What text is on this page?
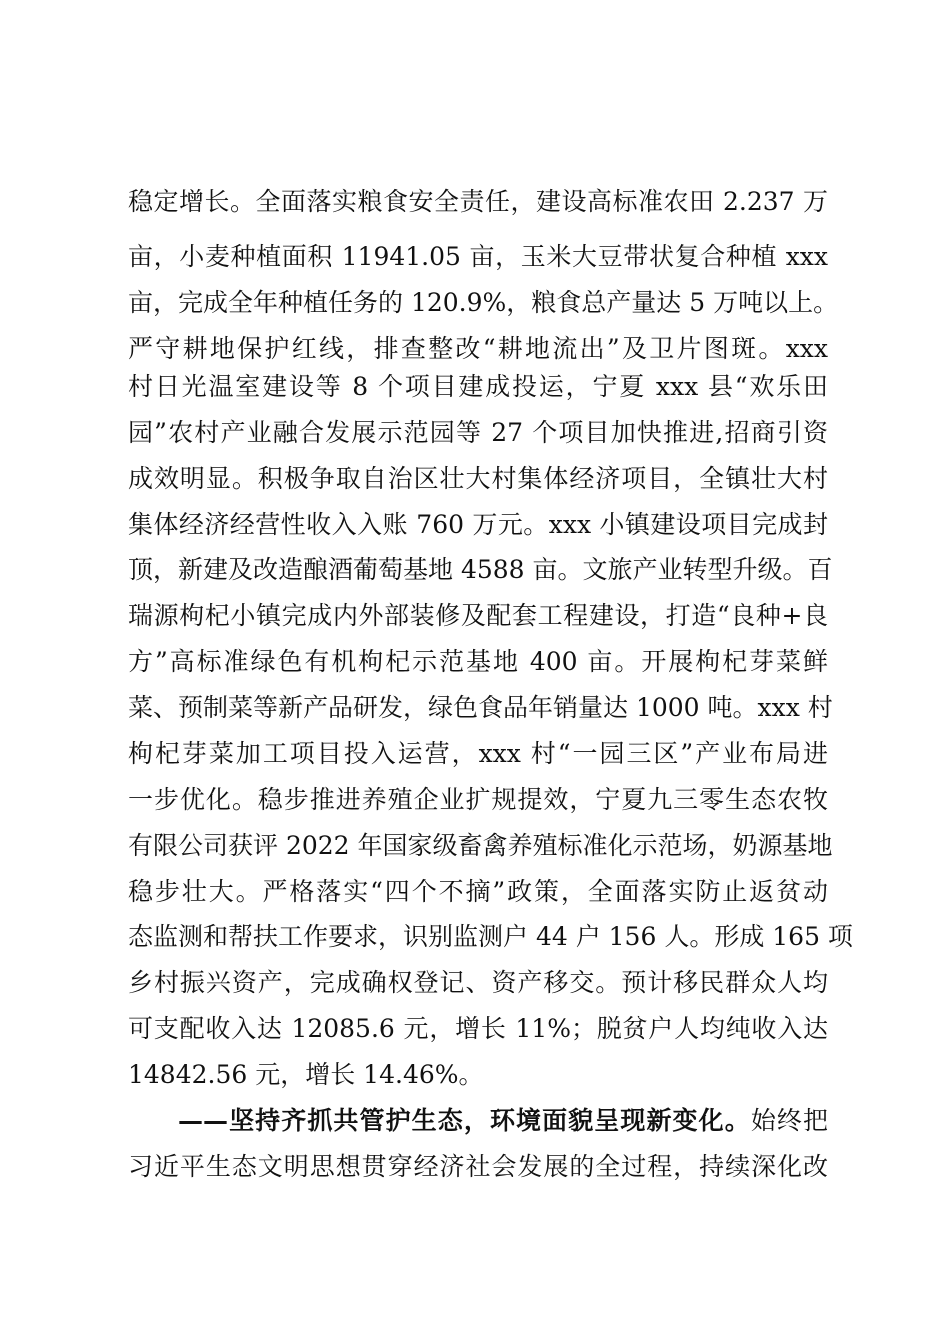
稳定增长。全面落实粮食安全责任，建设高标准农田 2.237 万
亩，小麦种植面积 11941.05 亩，玉米大豆带状复合种植 xxx
亩，完成全年种植任务的 120.9%，粮食总产量达 5 万吨以上。
严守耕地保护红线，排查整改“耕地流出”及卫片图斑。xxx
村日光温室建设等 8 个项目建成投运，宁夏 xxx 县“欢乐田
园”农村产业融合发展示范园等 27 个项目加快推进,招商引资
成效明显。积极争取自治区壮大村集体经济项目，全镇壮大村
集体经济经营性收入入账 760 万元。xxx 小镇建设项目完成封
顶，新建及改造酿酒葡萄基地 4588 亩。文旅产业转型升级。百
瑞源枸杞小镇完成内外部装修及配套工程建设，打造“良种+良
方”高标准绿色有机枸杞示范基地 400 亩。开展枸杞芽菜鲜
菜、预制菜等新产品研发，绿色食品年销量达 1000 吨。xxx 村
枸杞芽菜加工项目投入运营，xxx 村“一园三区”产业布局进
一步优化。稳步推进养殖企业扩规提效，宁夏九三零生态农牧
有限公司获评 2022 年国家级畜禽养殖标准化示范场，奶源基地
稳步壮大。严格落实“四个不摘”政策，全面落实防止返贫动
态监测和帮扶工作要求，识别监测户 44 户 156 人。形成 165 项
乡村振兴资产，完成确权登记、资产移交。预计移民群众人均
可支配收入达 12085.6 元，增长 11%；脱贫户人均纯收入达
14842.56 元，增长 14.46%。
——坚持齐抓共管护生态，环境面貌呈现新变化。始终把
习近平生态文明思想贯穿经济社会发展的全过程，持续深化改
